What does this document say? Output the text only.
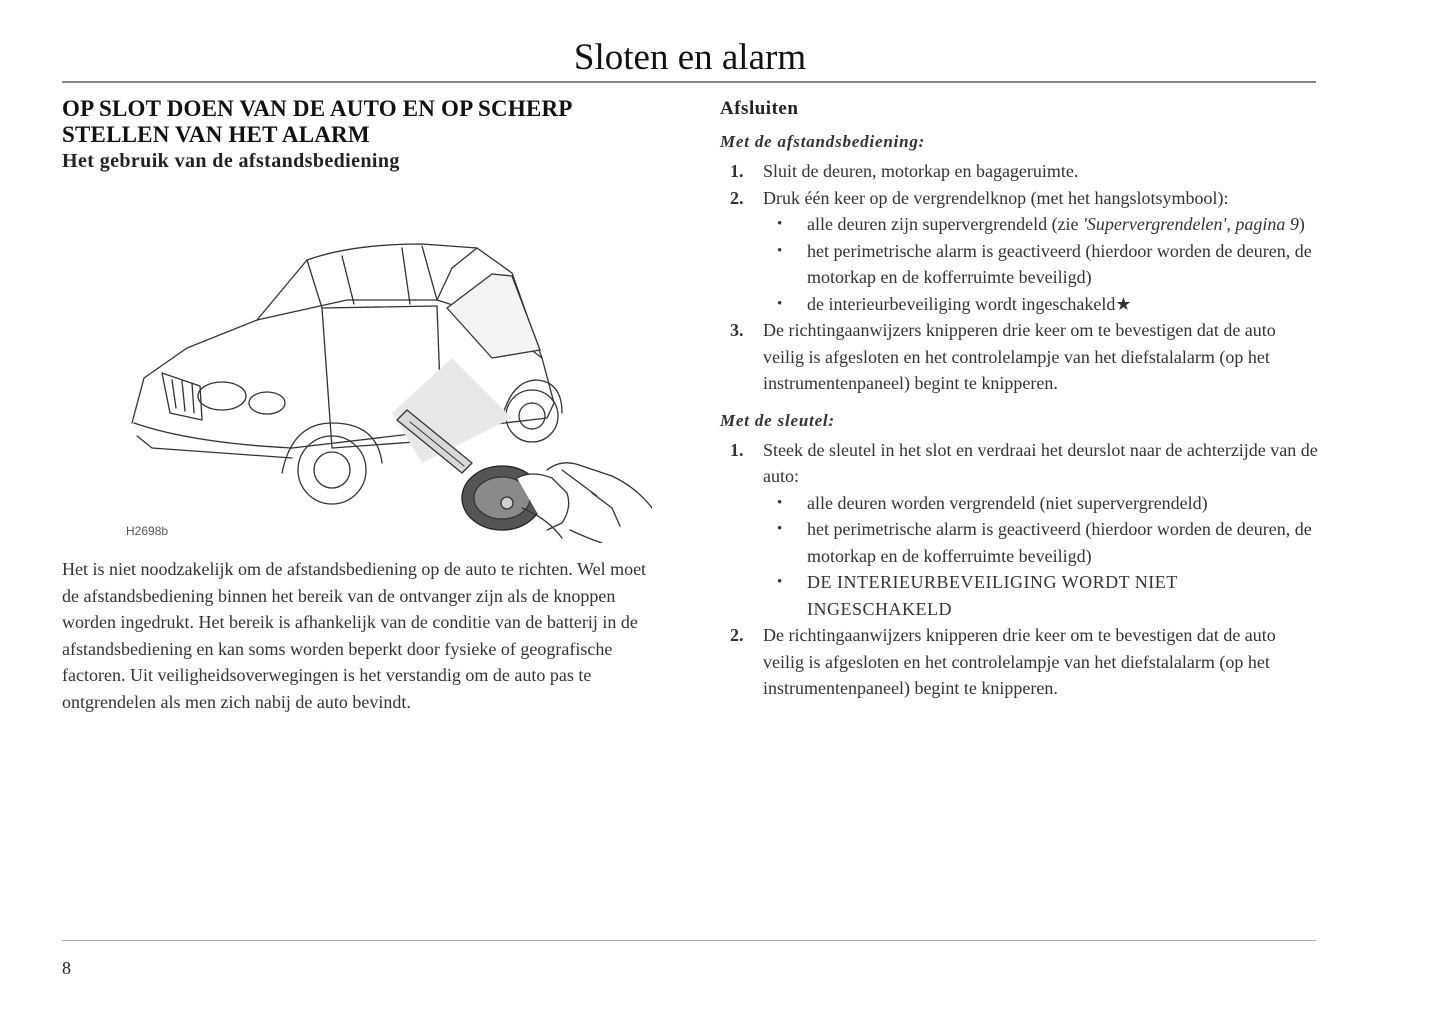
Sloten en alarm
OP SLOT DOEN VAN DE AUTO EN OP SCHERP
STELLEN VAN HET ALARM
Het gebruik van de afstandsbediening
H2698b

Het is niet noodzakelijk om de afstandsbediening op de auto te richten. Wel moet de afstandsbediening binnen het bereik van de ontvanger zijn als de knoppen worden ingedrukt. Het bereik is afhankelijk van de conditie van de batterij in de afstandsbediening en kan soms worden beperkt door fysieke of geografische factoren. Uit veiligheidsoverwegingen is het verstandig om de auto pas te ontgrendelen als men zich nabij de auto bevindt.

Afsluiten

Met de afstandsbediening:

1. Sluit de deuren, motorkap en bagageruimte.
2. Druk één keer op de vergrendelknop (met het hangslotsymbool):
• alle deuren zijn supervergrendeld (zie 'Supervergrendelen', pagina 9)
• het perimetrische alarm is geactiveerd (hierdoor worden de deuren, de motorkap en de kofferruimte beveiligd)
• de interieurbeveiliging wordt ingeschakeld★
3. De richtingaanwijzers knipperen drie keer om te bevestigen dat de auto veilig is afgesloten en het controlelampje van het diefstalalarm (op het instrumentenpaneel) begint te knipperen.

Met de sleutel:

1. Steek de sleutel in het slot en verdraai het deurslot naar de achterzijde van de auto:
• alle deuren worden vergrendeld (niet supervergrendeld)
• het perimetrische alarm is geactiveerd (hierdoor worden de deuren, de motorkap en de kofferruimte beveiligd)
• DE INTERIEURBEVEILIGING WORDT NIET INGESCHAKELD
2. De richtingaanwijzers knipperen drie keer om te bevestigen dat de auto veilig is afgesloten en het controlelampje van het diefstalalarm (op het instrumentenpaneel) begint te knipperen.
8
